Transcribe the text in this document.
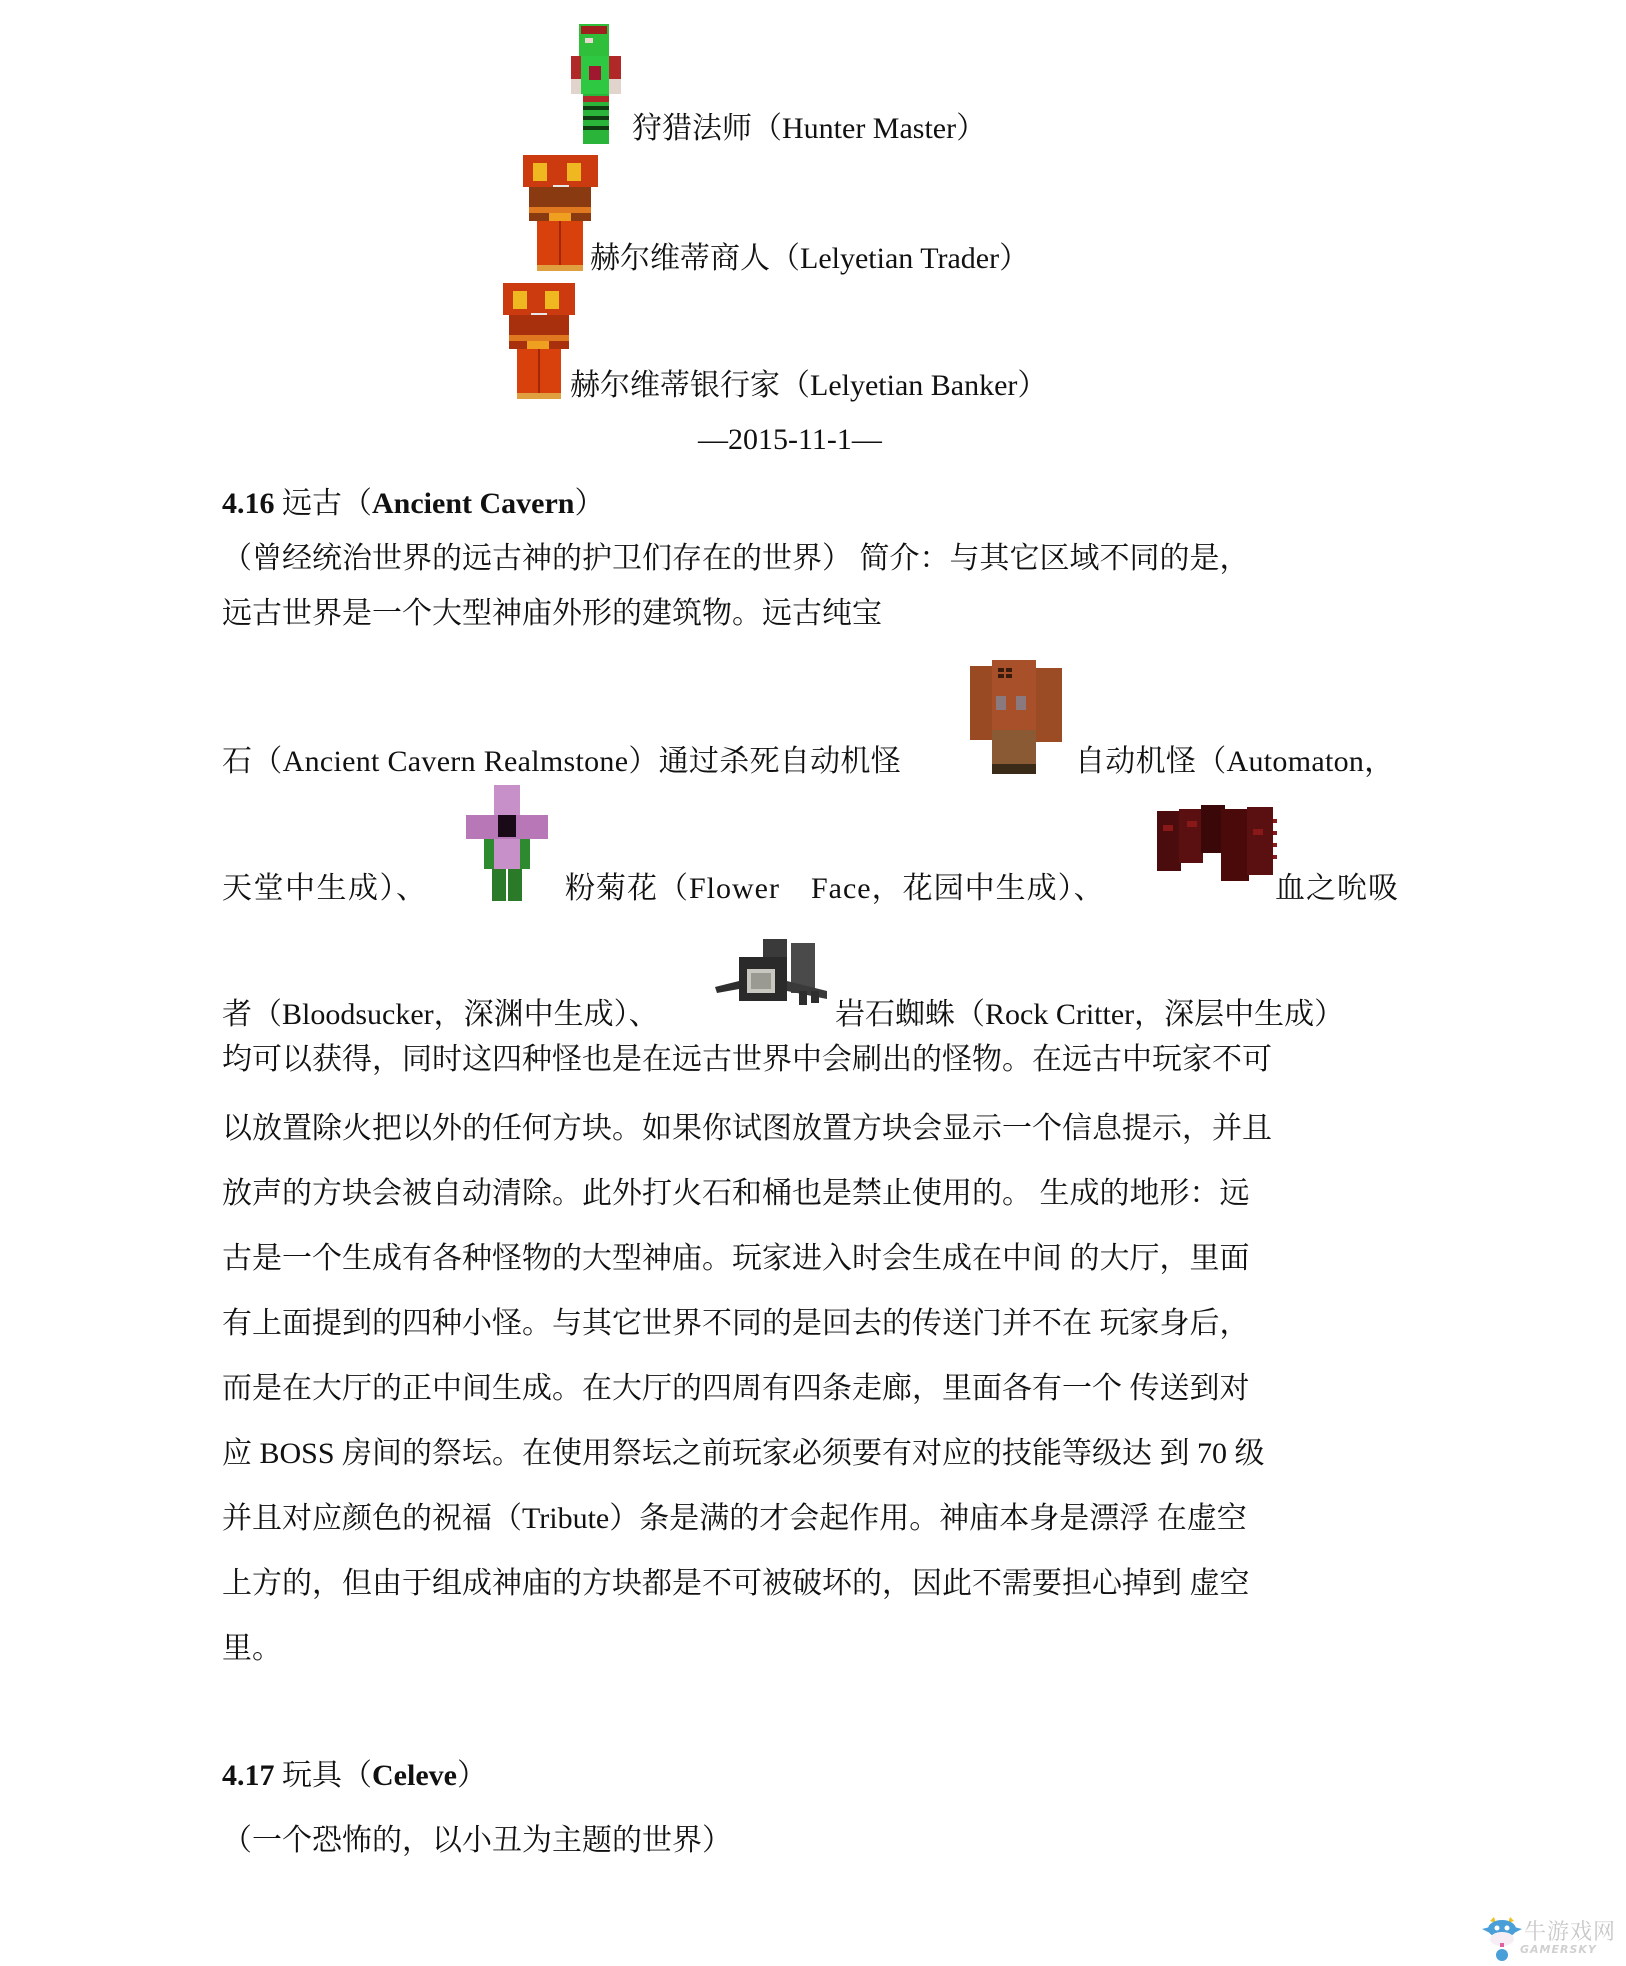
狩猎法师（Hunter Master）
赫尔维蒂商人（Lelyetian Trader）
赫尔维蒂银行家（Lelyetian Banker）
—2015-11-1—
4.16 远古（Ancient Cavern）
（曾经统治世界的远古神的护卫们存在的世界） 简介：与其它区域不同的是，
远古世界是一个大型神庙外形的建筑物。远古纯宝
石（Ancient Cavern Realmstone）通过杀死自动机怪	自动机怪（Automaton，
天堂中生成）、	粉菊花（Flower　Face，花园中生成）、	血之吮吸
者（Bloodsucker，深渊中生成）、	岩石蜘蛛（Rock Critter，深层中生成）
均可以获得，同时这四种怪也是在远古世界中会刷出的怪物。在远古中玩家不可
以放置除火把以外的任何方块。如果你试图放置方块会显示一个信息提示，并且
放声的方块会被自动清除。此外打火石和桶也是禁止使用的。 生成的地形：远
古是一个生成有各种怪物的大型神庙。玩家进入时会生成在中间 的大厅，里面
有上面提到的四种小怪。与其它世界不同的是回去的传送门并不在 玩家身后，
而是在大厅的正中间生成。在大厅的四周有四条走廊，里面各有一个 传送到对
应 BOSS 房间的祭坛。在使用祭坛之前玩家必须要有对应的技能等级达 到 70 级
并且对应颜色的祝福（Tribute）条是满的才会起作用。神庙本身是漂浮 在虚空
上方的，但由于组成神庙的方块都是不可被破坏的，因此不需要担心掉到 虚空
里。
4.17 玩具（Celeve）
（一个恐怖的，以小丑为主题的世界）
牛游戏网
GAMERSKY
